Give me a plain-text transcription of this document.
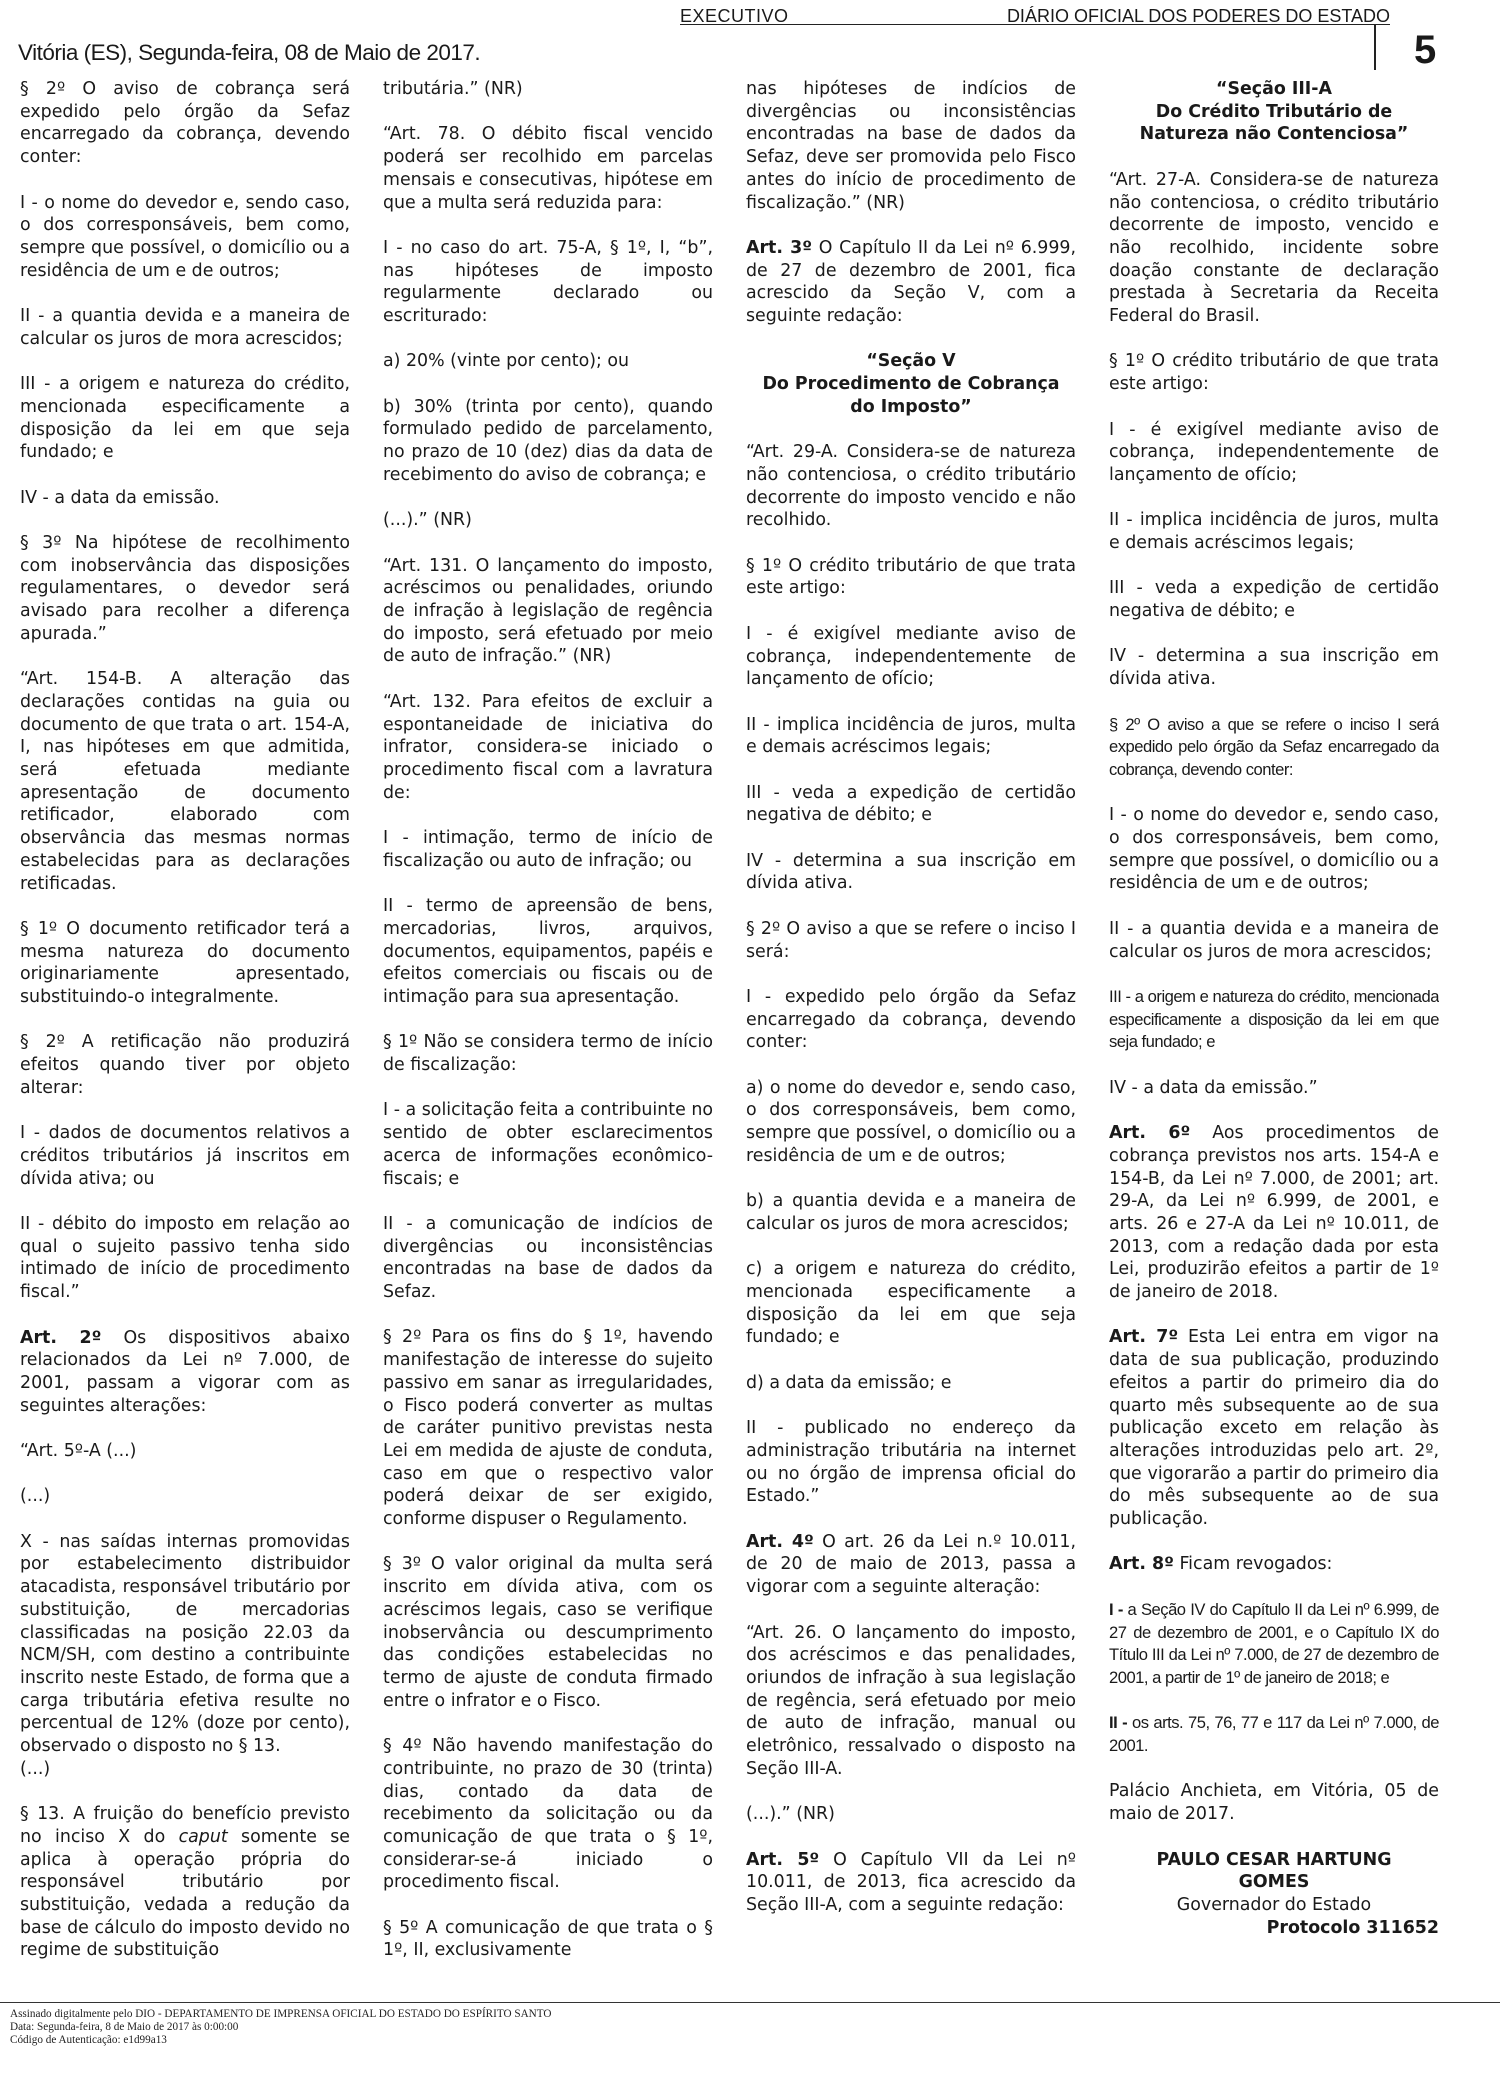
EXECUTIVO	DIÁRIO OFICIAL DOS PODERES DO ESTADO
Vitória (ES), Segunda-feira, 08 de Maio de 2017.	5

§ 2º O aviso de cobrança será expedido pelo órgão da Sefaz encarregado da cobrança, devendo conter:

I - o nome do devedor e, sendo caso, o dos corresponsáveis, bem como, sempre que possível, o domicílio ou a residência de um e de outros;

II - a quantia devida e a maneira de calcular os juros de mora acrescidos;

III - a origem e natureza do crédito, mencionada especificamente a disposição da lei em que seja fundado; e

IV - a data da emissão.

§ 3º Na hipótese de recolhimento com inobservância das disposições regulamentares, o devedor será avisado para recolher a diferença apurada.”

“Art. 154-B. A alteração das declarações contidas na guia ou documento de que trata o art. 154-A, I, nas hipóteses em que admitida, será efetuada mediante apresentação de documento retificador, elaborado com observância das mesmas normas estabelecidas para as declarações retificadas.

§ 1º O documento retificador terá a mesma natureza do documento originariamente apresentado, substituindo-o integralmente.

§ 2º A retificação não produzirá efeitos quando tiver por objeto alterar:

I - dados de documentos relativos a créditos tributários já inscritos em dívida ativa; ou

II - débito do imposto em relação ao qual o sujeito passivo tenha sido intimado de início de procedimento fiscal.”

Art. 2º Os dispositivos abaixo relacionados da Lei nº 7.000, de 2001, passam a vigorar com as seguintes alterações:

“Art. 5º-A (...)

(...)

X - nas saídas internas promovidas por estabelecimento distribuidor atacadista, responsável tributário por substituição, de mercadorias classificadas na posição 22.03 da NCM/SH, com destino a contribuinte inscrito neste Estado, de forma que a carga tributária efetiva resulte no percentual de 12% (doze por cento), observado o disposto no § 13.

(...)

§ 13. A fruição do benefício previsto no inciso X do caput somente se aplica à operação própria do responsável tributário por substituição, vedada a redução da base de cálculo do imposto devido no regime de substituição

tributária.” (NR)

“Art. 78. O débito fiscal vencido poderá ser recolhido em parcelas mensais e consecutivas, hipótese em que a multa será reduzida para:

I - no caso do art. 75-A, § 1º, I, “b”, nas hipóteses de imposto regularmente declarado ou escriturado:

a) 20% (vinte por cento); ou

b) 30% (trinta por cento), quando formulado pedido de parcelamento, no prazo de 10 (dez) dias da data de recebimento do aviso de cobrança; e

(...).” (NR)

“Art. 131. O lançamento do imposto, acréscimos ou penalidades, oriundo de infração à legislação de regência do imposto, será efetuado por meio de auto de infração.” (NR)

“Art. 132. Para efeitos de excluir a espontaneidade de iniciativa do infrator, considera-se iniciado o procedimento fiscal com a lavratura de:

I - intimação, termo de início de fiscalização ou auto de infração; ou

II - termo de apreensão de bens, mercadorias, livros, arquivos, documentos, equipamentos, papéis e efeitos comerciais ou fiscais ou de intimação para sua apresentação.

§ 1º Não se considera termo de início de fiscalização:

I - a solicitação feita a contribuinte no sentido de obter esclarecimentos acerca de informações econômico-fiscais; e

II - a comunicação de indícios de divergências ou inconsistências encontradas na base de dados da Sefaz.

§ 2º Para os fins do § 1º, havendo manifestação de interesse do sujeito passivo em sanar as irregularidades, o Fisco poderá converter as multas de caráter punitivo previstas nesta Lei em medida de ajuste de conduta, caso em que o respectivo valor poderá deixar de ser exigido, conforme dispuser o Regulamento.

§ 3º O valor original da multa será inscrito em dívida ativa, com os acréscimos legais, caso se verifique inobservância ou descumprimento das condições estabelecidas no termo de ajuste de conduta firmado entre o infrator e o Fisco.

§ 4º Não havendo manifestação do contribuinte, no prazo de 30 (trinta) dias, contado da data de recebimento da solicitação ou da comunicação de que trata o § 1º, considerar-se-á iniciado o procedimento fiscal.

§ 5º A comunicação de que trata o § 1º, II, exclusivamente

nas hipóteses de indícios de divergências ou inconsistências encontradas na base de dados da Sefaz, deve ser promovida pelo Fisco antes do início de procedimento de fiscalização.” (NR)

Art. 3º O Capítulo II da Lei nº 6.999, de 27 de dezembro de 2001, fica acrescido da Seção V, com a seguinte redação:

“Seção V
Do Procedimento de Cobrança
do Imposto”

“Art. 29-A. Considera-se de natureza não contenciosa, o crédito tributário decorrente do imposto vencido e não recolhido.

§ 1º O crédito tributário de que trata este artigo:

I - é exigível mediante aviso de cobrança, independentemente de lançamento de ofício;

II - implica incidência de juros, multa e demais acréscimos legais;

III - veda a expedição de certidão negativa de débito; e

IV - determina a sua inscrição em dívida ativa.

§ 2º O aviso a que se refere o inciso I será:

I - expedido pelo órgão da Sefaz encarregado da cobrança, devendo conter:

a) o nome do devedor e, sendo caso, o dos corresponsáveis, bem como, sempre que possível, o domicílio ou a residência de um e de outros;

b) a quantia devida e a maneira de calcular os juros de mora acrescidos;

c) a origem e natureza do crédito, mencionada especificamente a disposição da lei em que seja fundado; e

d) a data da emissão; e

II - publicado no endereço da administração tributária na internet ou no órgão de imprensa oficial do Estado.”

Art. 4º O art. 26 da Lei n.º 10.011, de 20 de maio de 2013, passa a vigorar com a seguinte alteração:

“Art. 26. O lançamento do imposto, dos acréscimos e das penalidades, oriundos de infração à sua legislação de regência, será efetuado por meio de auto de infração, manual ou eletrônico, ressalvado o disposto na Seção III-A.

(...).” (NR)

Art. 5º O Capítulo VII da Lei nº 10.011, de 2013, fica acrescido da Seção III-A, com a seguinte redação:

“Seção III-A
Do Crédito Tributário de
Natureza não Contenciosa”

“Art. 27-A. Considera-se de natureza não contenciosa, o crédito tributário decorrente de imposto, vencido e não recolhido, incidente sobre doação constante de declaração prestada à Secretaria da Receita Federal do Brasil.

§ 1º O crédito tributário de que trata este artigo:

I - é exigível mediante aviso de cobrança, independentemente de lançamento de ofício;

II - implica incidência de juros, multa e demais acréscimos legais;

III - veda a expedição de certidão negativa de débito; e

IV - determina a sua inscrição em dívida ativa.

§ 2º O aviso a que se refere o inciso I será expedido pelo órgão da Sefaz encarregado da cobrança, devendo conter:

I - o nome do devedor e, sendo caso, o dos corresponsáveis, bem como, sempre que possível, o domicílio ou a residência de um e de outros;

II - a quantia devida e a maneira de calcular os juros de mora acrescidos;

III - a origem e natureza do crédito, mencionada especificamente a disposição da lei em que seja fundado; e

IV - a data da emissão.”

Art. 6º Aos procedimentos de cobrança previstos nos arts. 154-A e 154-B, da Lei nº 7.000, de 2001; art. 29-A, da Lei nº 6.999, de 2001, e arts. 26 e 27-A da Lei nº 10.011, de 2013, com a redação dada por esta Lei, produzirão efeitos a partir de 1º de janeiro de 2018.

Art. 7º Esta Lei entra em vigor na data de sua publicação, produzindo efeitos a partir do primeiro dia do quarto mês subsequente ao de sua publicação exceto em relação às alterações introduzidas pelo art. 2º, que vigorarão a partir do primeiro dia do mês subsequente ao de sua publicação.

Art. 8º Ficam revogados:

I - a Seção IV do Capítulo II da Lei nº 6.999, de 27 de dezembro de 2001, e o Capítulo IX do Título III da Lei nº 7.000, de 27 de dezembro de 2001, a partir de 1º de janeiro de 2018; e

II - os arts. 75, 76, 77 e 117 da Lei nº 7.000, de 2001.

Palácio Anchieta, em Vitória, 05 de maio de 2017.

PAULO CESAR HARTUNG
GOMES

Governador do Estado

Protocolo 311652

Assinado digitalmente pelo DIO - DEPARTAMENTO DE IMPRENSA OFICIAL DO ESTADO DO ESPÍRITO SANTO
Data: Segunda-feira, 8 de Maio de 2017 às 0:00:00
Código de Autenticação: e1d99a13
